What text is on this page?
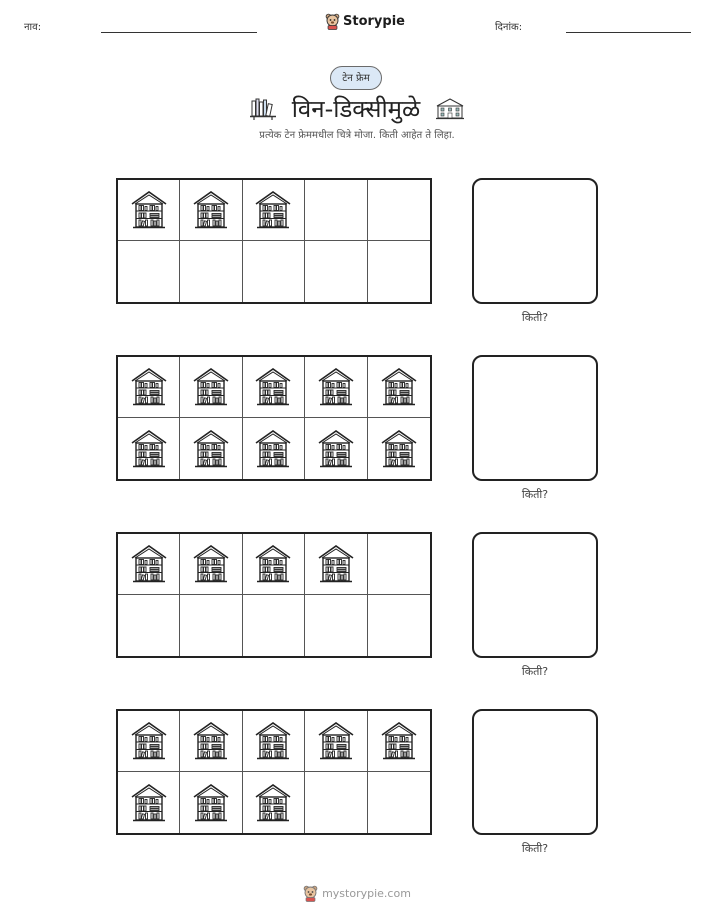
नाव:	Storypie	दिनांक:
टेन फ्रेम
विन-डिक्सीमुळे
प्रत्येक टेन फ्रेममधील चित्रे मोजा. किती आहेत ते लिहा.
किती?
किती?
किती?
किती?
mystorypie.com
